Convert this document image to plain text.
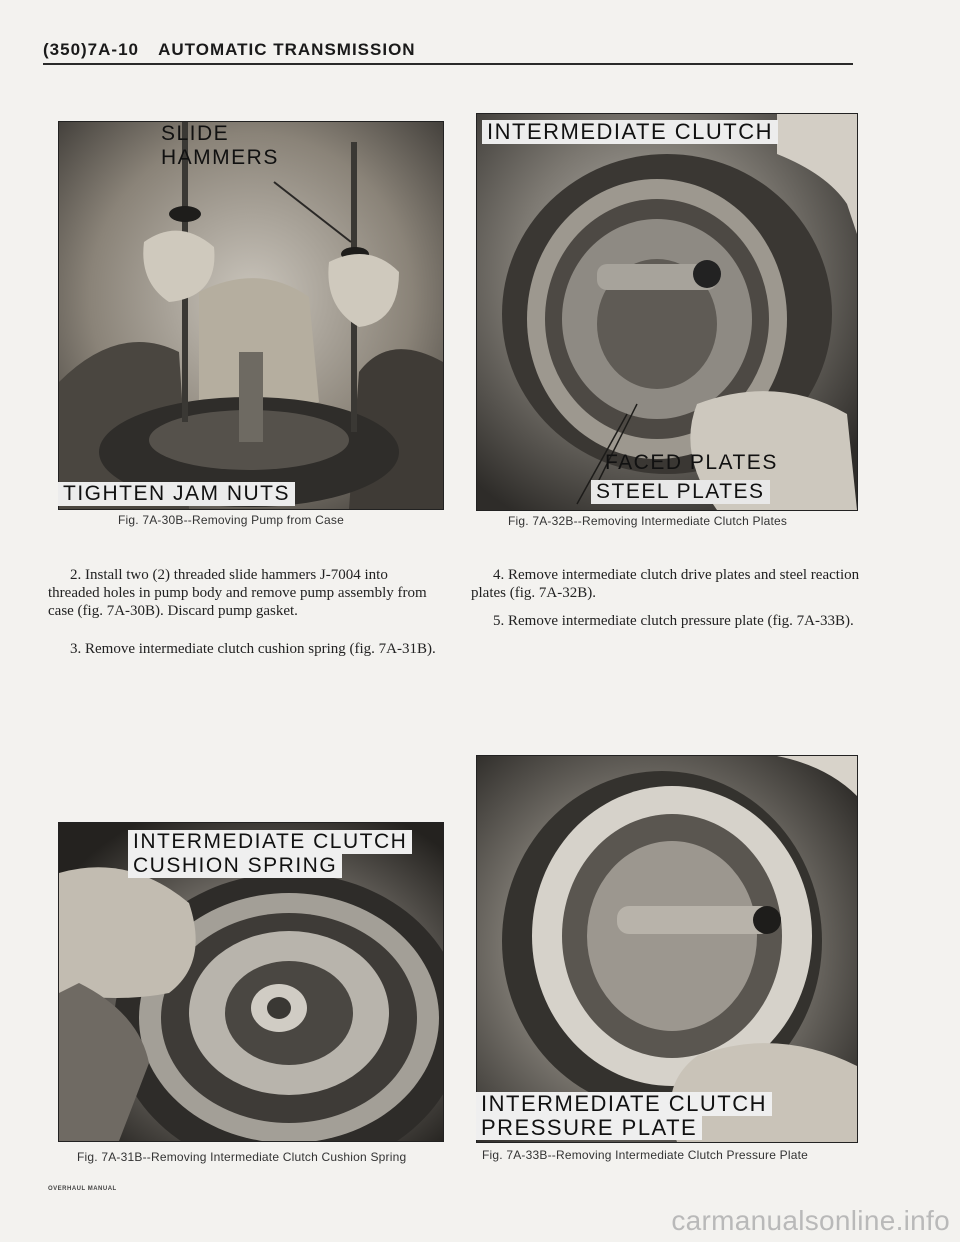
(350)7A-10 AUTOMATIC TRANSMISSION
SLIDE
HAMMERS
TIGHTEN JAM NUTS
Fig. 7A-30B--Removing Pump from Case
INTERMEDIATE CLUTCH
FACED PLATES
STEEL PLATES
Fig. 7A-32B--Removing Intermediate Clutch Plates

2. Install two (2) threaded slide hammers J-7004 into threaded holes in pump body and remove pump assembly from case (fig. 7A-30B). Discard pump gasket.

3. Remove intermediate clutch cushion spring (fig. 7A-31B).

4. Remove intermediate clutch drive plates and steel reaction plates (fig. 7A-32B).

5. Remove intermediate clutch pressure plate (fig. 7A-33B).

INTERMEDIATE CLUTCH
CUSHION SPRING
Fig. 7A-31B--Removing Intermediate Clutch Cushion Spring
INTERMEDIATE CLUTCH
PRESSURE PLATE
Fig. 7A-33B--Removing Intermediate Clutch Pressure Plate
OVERHAUL MANUAL
carmanualsonline.info
